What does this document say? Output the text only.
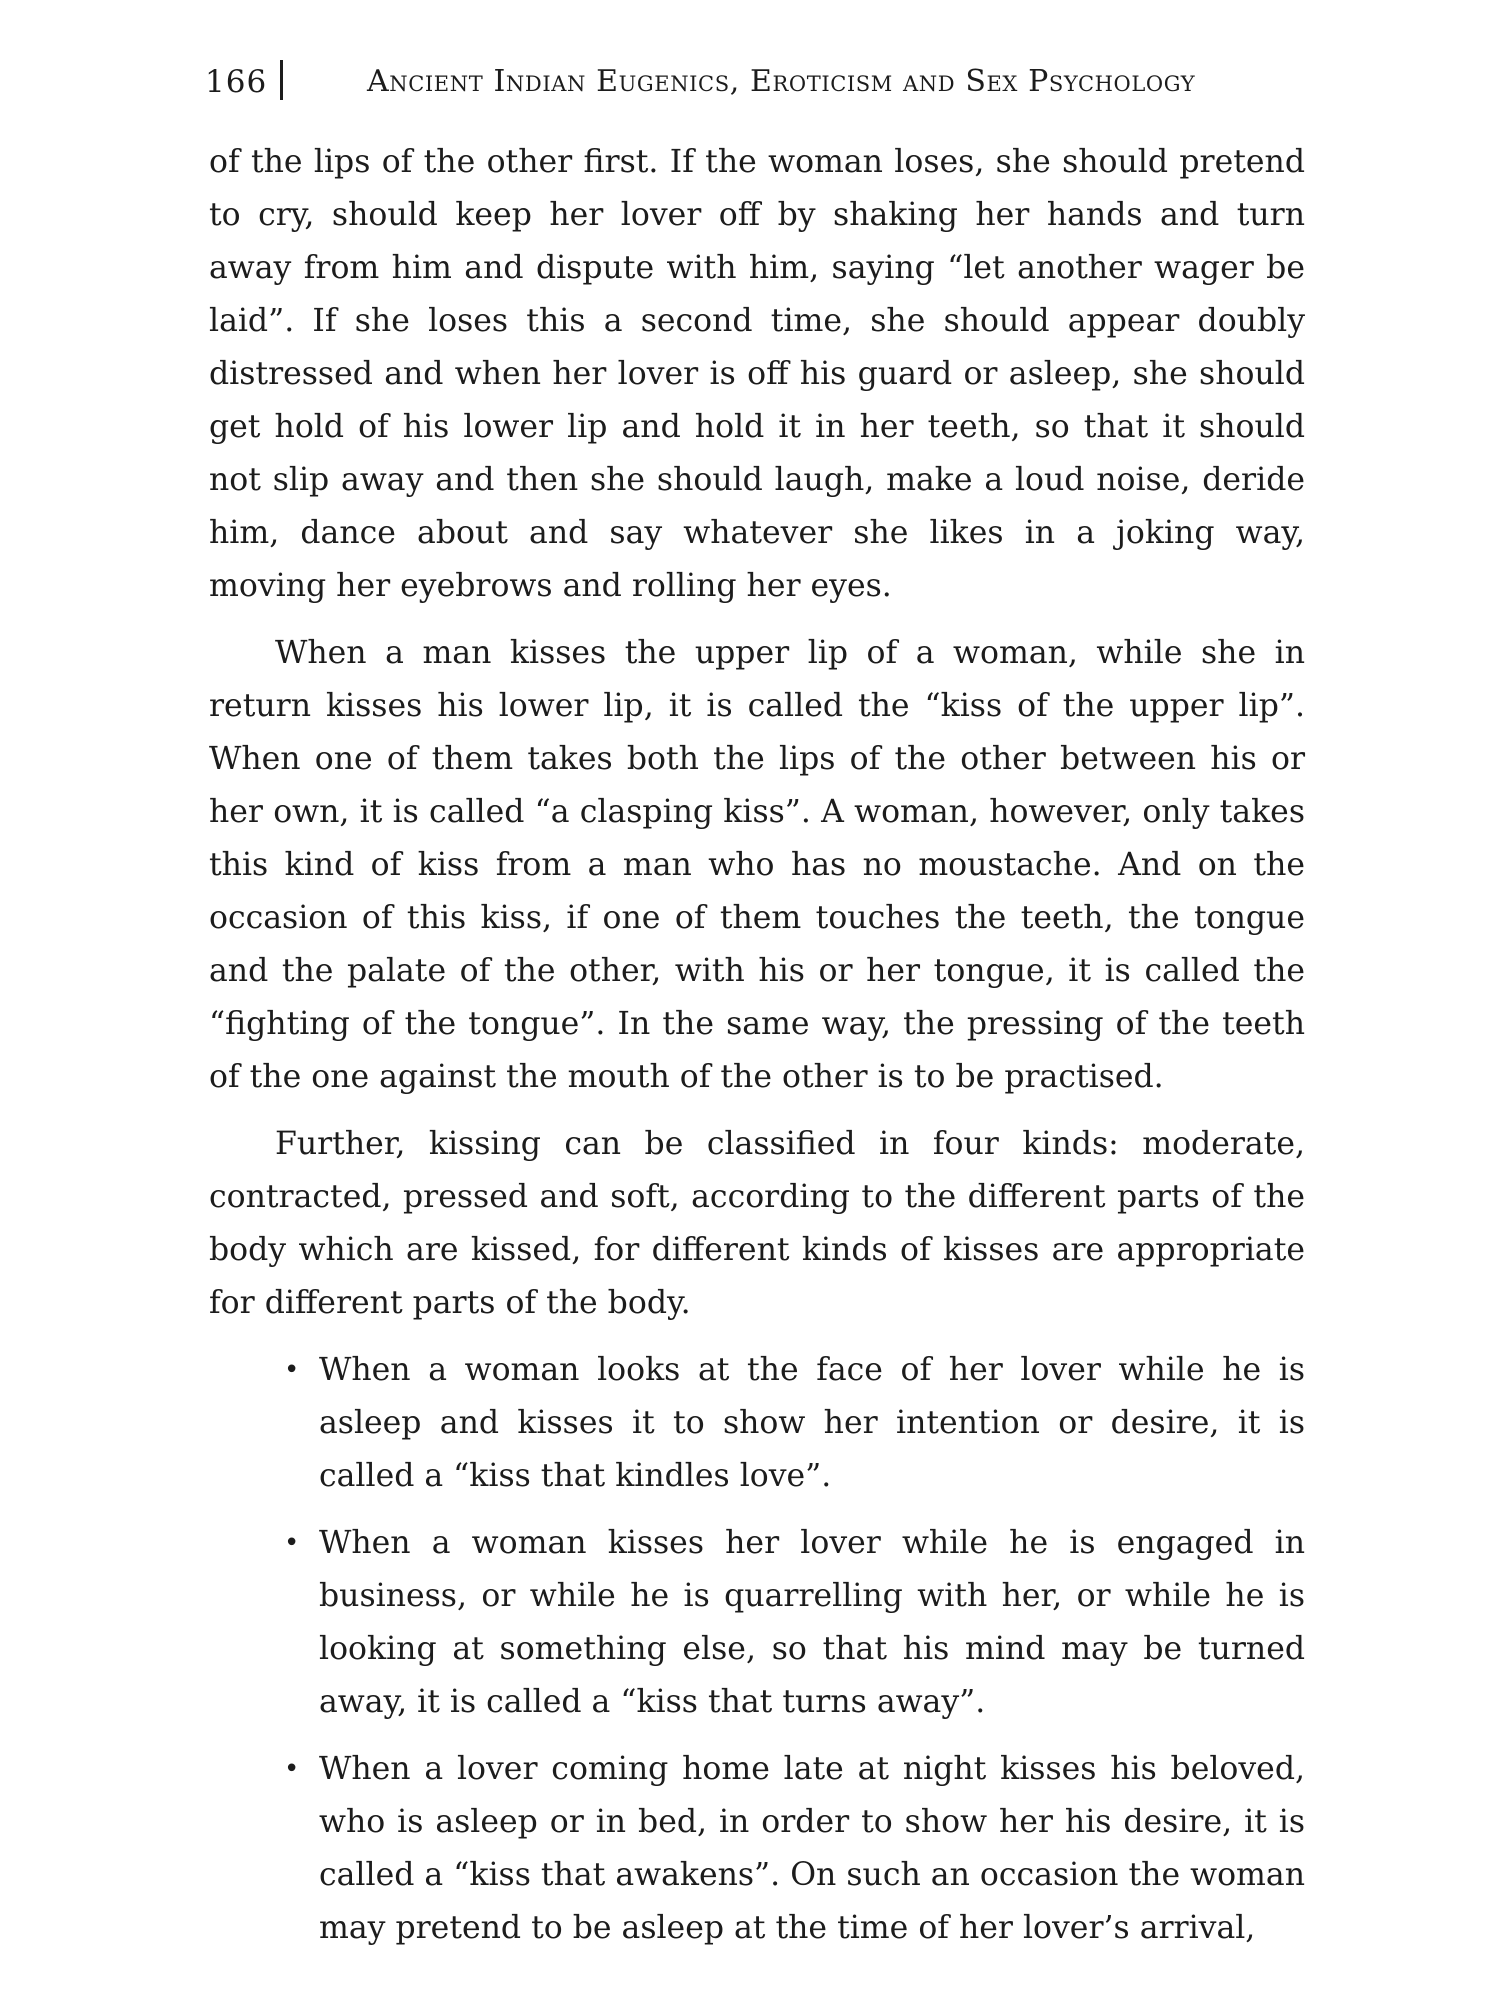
166	Ancient Indian Eugenics, Eroticism and Sex Psychology

of the lips of the other first. If the woman loses, she should pretend to cry, should keep her lover off by shaking her hands and turn away from him and dispute with him, saying “let another wager be laid”. If she loses this a second time, she should appear doubly distressed and when her lover is off his guard or asleep, she should get hold of his lower lip and hold it in her teeth, so that it should not slip away and then she should laugh, make a loud noise, deride him, dance about and say whatever she likes in a joking way, moving her eyebrows and rolling her eyes.

When a man kisses the upper lip of a woman, while she in return kisses his lower lip, it is called the “kiss of the upper lip”. When one of them takes both the lips of the other between his or her own, it is called “a clasping kiss”. A woman, however, only takes this kind of kiss from a man who has no moustache. And on the occasion of this kiss, if one of them touches the teeth, the tongue and the palate of the other, with his or her tongue, it is called the “fighting of the tongue”. In the same way, the pressing of the teeth of the one against the mouth of the other is to be practised.

Further, kissing can be classified in four kinds: moderate, contracted, pressed and soft, according to the different parts of the body which are kissed, for different kinds of kisses are appropriate for different parts of the body.

• When a woman looks at the face of her lover while he is asleep and kisses it to show her intention or desire, it is called a “kiss that kindles love”.
• When a woman kisses her lover while he is engaged in business, or while he is quarrelling with her, or while he is looking at something else, so that his mind may be turned away, it is called a “kiss that turns away”.
• When a lover coming home late at night kisses his beloved, who is asleep or in bed, in order to show her his desire, it is called a “kiss that awakens”. On such an occasion the woman may pretend to be asleep at the time of her lover’s arrival,
